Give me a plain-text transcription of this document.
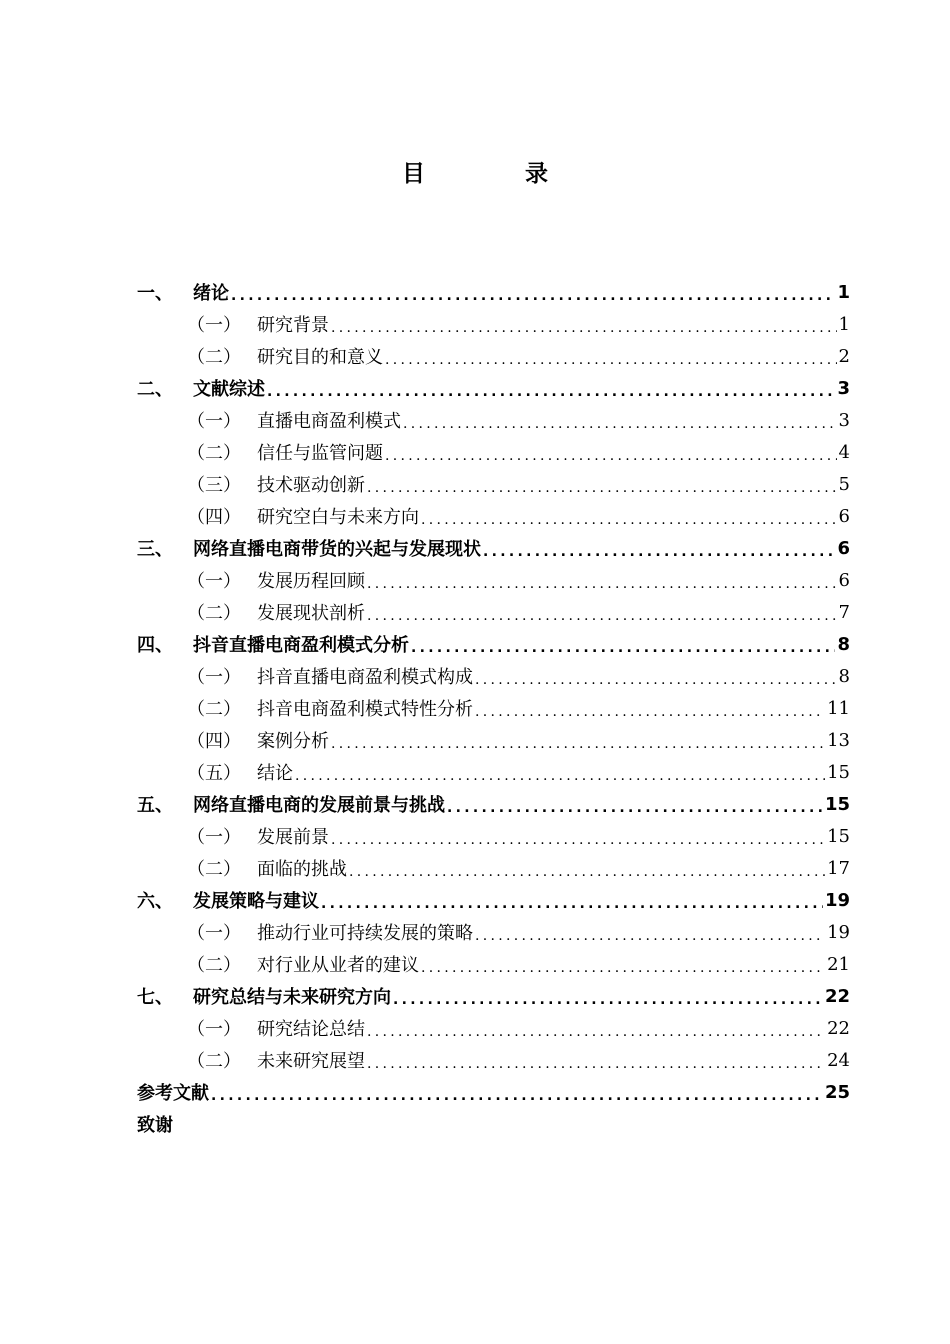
目 录
一、	绪论 .....	1
（一） 研究背景 .....	1
（二） 研究目的和意义 .....	2
二、	文献综述 .....	3
（一） 直播电商盈利模式 .....	3
（二） 信任与监管问题 .....	4
（三） 技术驱动创新 .....	5
（四） 研究空白与未来方向 .....	6
三、	网络直播电商带货的兴起与发展现状 .....	6
（一） 发展历程回顾 .....	6
（二） 发展现状剖析 .....	7
四、	抖音直播电商盈利模式分析 .....	8
（一） 抖音直播电商盈利模式构成 .....	8
（二） 抖音电商盈利模式特性分析 .....	11
（四） 案例分析 .....	13
（五） 结论 .....	15
五、	网络直播电商的发展前景与挑战 .....	15
（一） 发展前景 .....	15
（二） 面临的挑战 .....	17
六、	发展策略与建议 .....	19
（一） 推动行业可持续发展的策略 .....	19
（二） 对行业从业者的建议 .....	21
七、	研究总结与未来研究方向 .....	22
（一） 研究结论总结 .....	22
（二） 未来研究展望 .....	24
参考文献 .....	25
致谢
